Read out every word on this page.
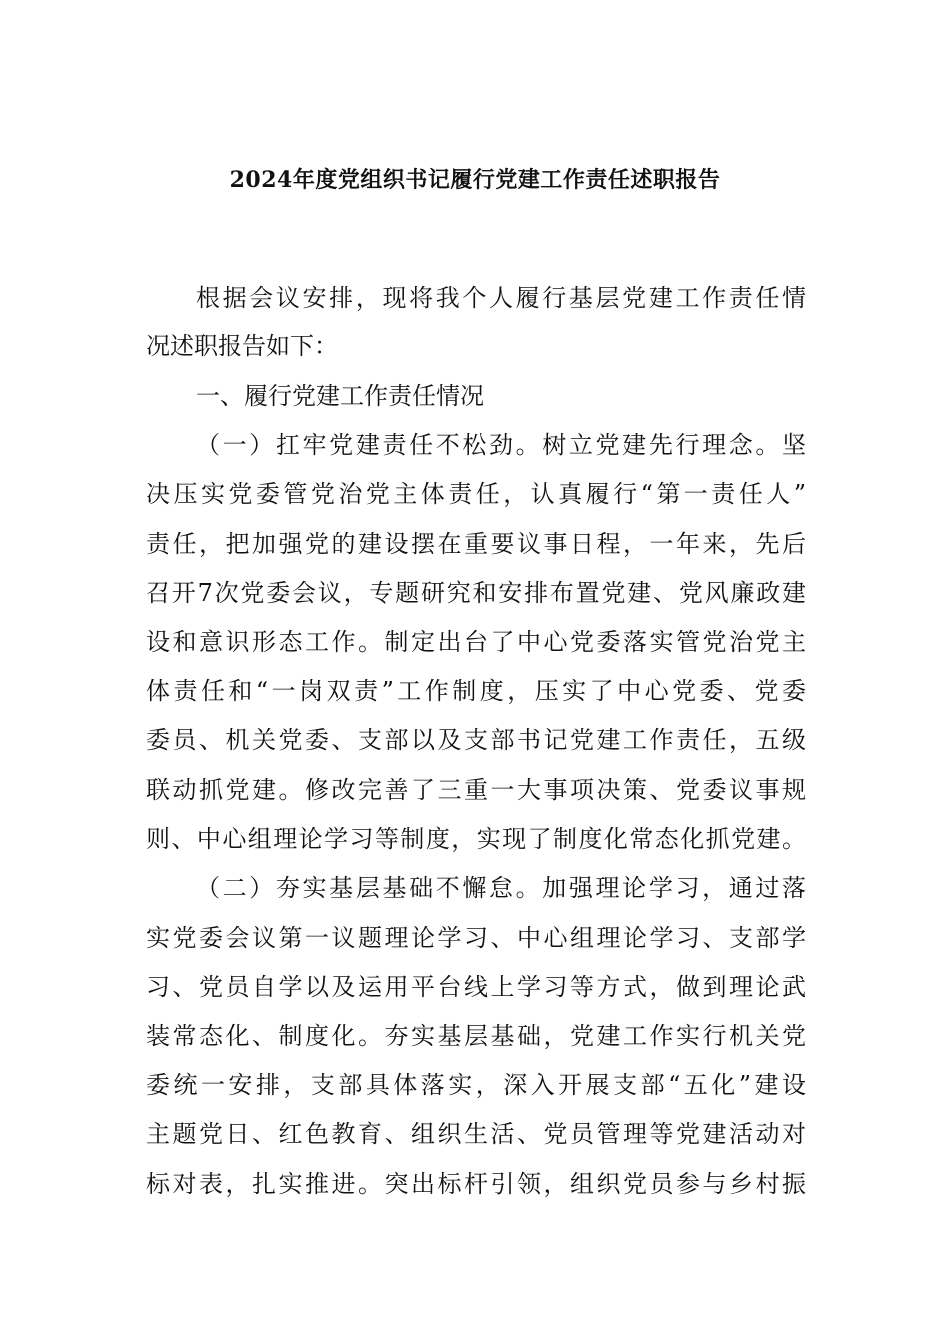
2024年度党组织书记履行党建工作责任述职报告
根据会议安排，现将我个人履行基层党建工作责任情
况述职报告如下：
一、履行党建工作责任情况
（一）扛牢党建责任不松劲。树立党建先行理念。坚
决压实党委管党治党主体责任，认真履行“第一责任人”
责任，把加强党的建设摆在重要议事日程，一年来，先后
召开7次党委会议，专题研究和安排布置党建、党风廉政建
设和意识形态工作。制定出台了中心党委落实管党治党主
体责任和“一岗双责”工作制度，压实了中心党委、党委
委员、机关党委、支部以及支部书记党建工作责任，五级
联动抓党建。修改完善了三重一大事项决策、党委议事规
则、中心组理论学习等制度，实现了制度化常态化抓党建。
（二）夯实基层基础不懈怠。加强理论学习，通过落
实党委会议第一议题理论学习、中心组理论学习、支部学
习、党员自学以及运用平台线上学习等方式，做到理论武
装常态化、制度化。夯实基层基础，党建工作实行机关党
委统一安排，支部具体落实，深入开展支部“五化”建设
主题党日、红色教育、组织生活、党员管理等党建活动对
标对表，扎实推进。突出标杆引领，组织党员参与乡村振
